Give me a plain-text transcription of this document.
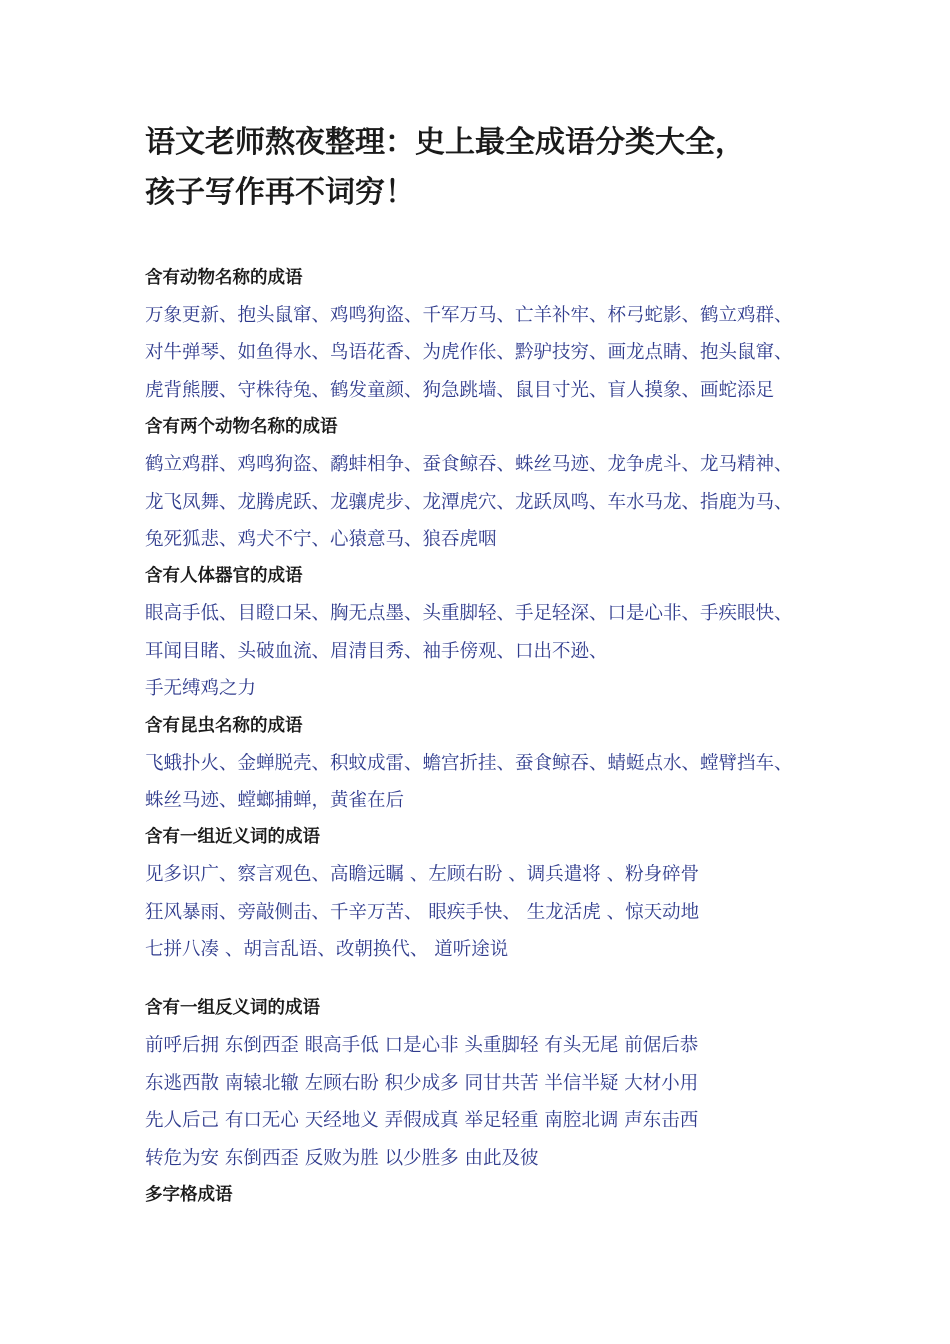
语文老师熬夜整理：史上最全成语分类大全，
孩子写作再不词穷！
含有动物名称的成语
万象更新、抱头鼠窜、鸡鸣狗盗、千军万马、亡羊补牢、杯弓蛇影、鹤立鸡群、
对牛弹琴、如鱼得水、鸟语花香、为虎作伥、黔驴技穷、画龙点睛、抱头鼠窜、
虎背熊腰、守株待兔、鹤发童颜、狗急跳墙、鼠目寸光、盲人摸象、画蛇添足
含有两个动物名称的成语
鹤立鸡群、鸡鸣狗盗、鹬蚌相争、蚕食鲸吞、蛛丝马迹、龙争虎斗、龙马精神、
龙飞凤舞、龙腾虎跃、龙骧虎步、龙潭虎穴、龙跃凤鸣、车水马龙、指鹿为马、
兔死狐悲、鸡犬不宁、心猿意马、狼吞虎咽
含有人体器官的成语
眼高手低、目瞪口呆、胸无点墨、头重脚轻、手足轻深、口是心非、手疾眼快、
耳闻目睹、头破血流、眉清目秀、袖手傍观、口出不逊、
手无缚鸡之力
含有昆虫名称的成语
飞蛾扑火、金蝉脱壳、积蚊成雷、蟾宫折挂、蚕食鲸吞、蜻蜓点水、螳臂挡车、
蛛丝马迹、螳螂捕蝉，黄雀在后
含有一组近义词的成语
见多识广、察言观色、高瞻远瞩 、左顾右盼 、调兵遣将 、粉身碎骨
狂风暴雨、旁敲侧击、千辛万苦、 眼疾手快、 生龙活虎 、惊天动地
七拼八凑 、胡言乱语、改朝换代、 道听途说
含有一组反义词的成语
前呼后拥 东倒西歪 眼高手低 口是心非 头重脚轻 有头无尾 前倨后恭
东逃西散 南辕北辙 左顾右盼 积少成多 同甘共苦 半信半疑 大材小用
先人后己 有口无心 天经地义 弄假成真 举足轻重 南腔北调 声东击西
转危为安 东倒西歪 反败为胜 以少胜多 由此及彼
多字格成语
